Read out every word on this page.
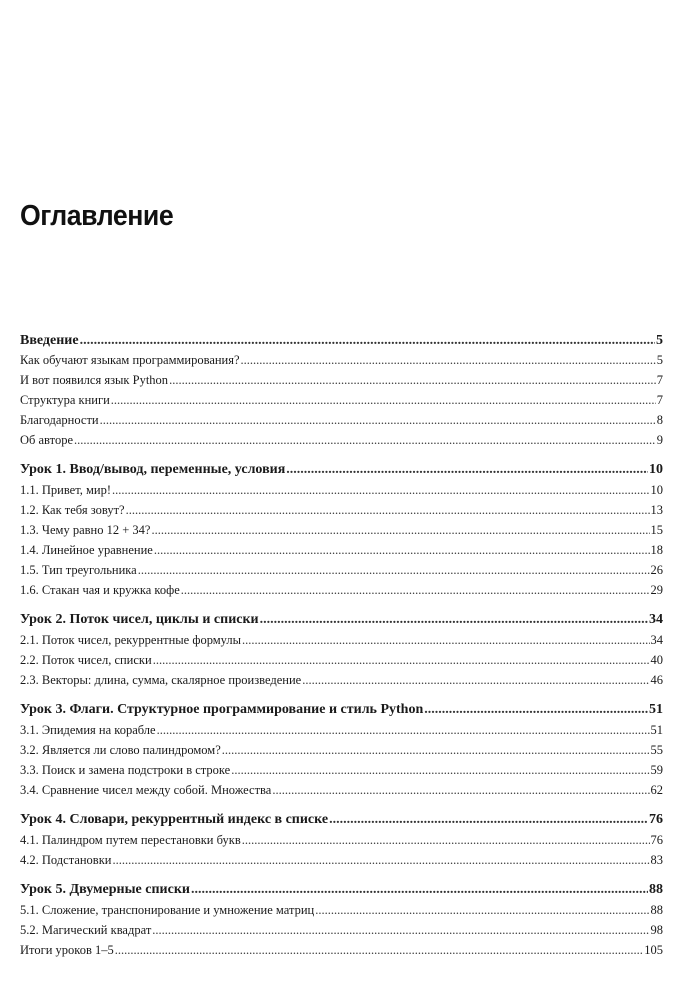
Оглавление
Введение .....	5
Как обучают языкам программирования? .....	5
И вот появился язык Python .....	7
Структура книги .....	7
Благодарности .....	8
Об авторе .....	9
Урок 1. Ввод/вывод, переменные, условия .....	10
1.1. Привет, мир! .....	10
1.2. Как тебя зовут? .....	13
1.3. Чему равно 12 + 34? .....	15
1.4. Линейное уравнение .....	18
1.5. Тип треугольника .....	26
1.6. Стакан чая и кружка кофе .....	29
Урок 2. Поток чисел, циклы и списки .....	34
2.1. Поток чисел, рекуррентные формулы .....	34
2.2. Поток чисел, списки .....	40
2.3. Векторы: длина, сумма, скалярное произведение .....	46
Урок 3. Флаги. Структурное программирование и стиль Python .....	51
3.1. Эпидемия на корабле .....	51
3.2. Является ли слово палиндромом? .....	55
3.3. Поиск и замена подстроки в строке .....	59
3.4. Сравнение чисел между собой. Множества .....	62
Урок 4. Словари, рекуррентный индекс в списке .....	76
4.1. Палиндром путем перестановки букв .....	76
4.2. Подстановки .....	83
Урок 5. Двумерные списки .....	88
5.1. Сложение, транспонирование и умножение матриц .....	88
5.2. Магический квадрат .....	98
Итоги уроков 1–5 .....	105
